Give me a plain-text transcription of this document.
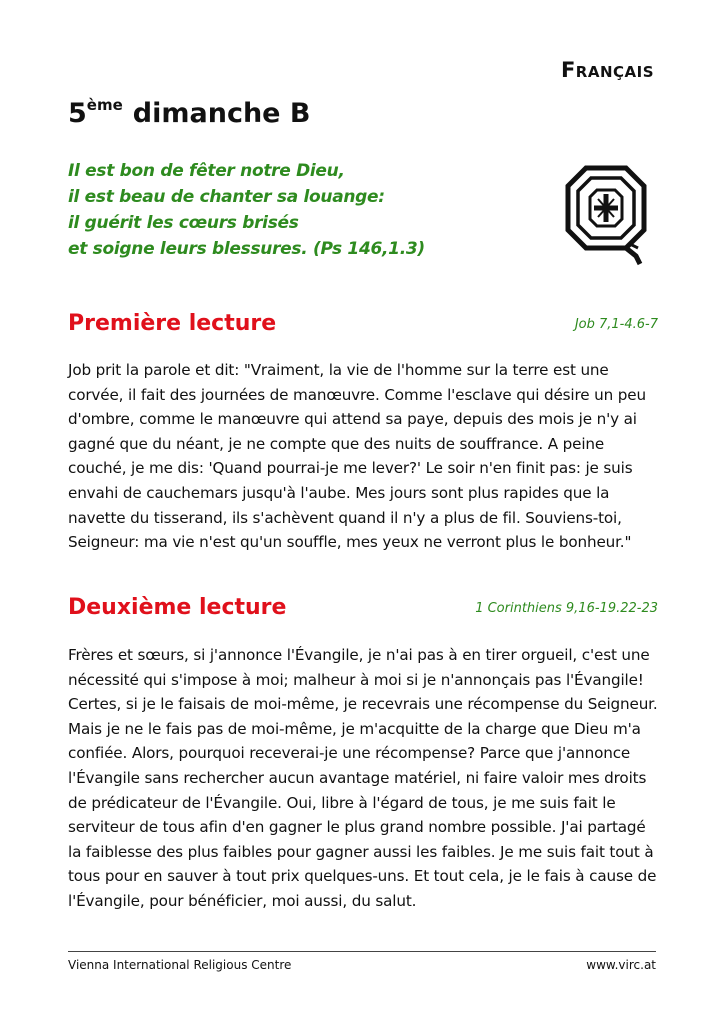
Français
5ème dimanche B
Il est bon de fêter notre Dieu,
il est beau de chanter sa louange:
il guérit les cœurs brisés
et soigne leurs blessures. (Ps 146,1.3)
Première lecture	Job 7,1-4.6-7
Job prit la parole et dit: "Vraiment, la vie de l'homme sur la terre est une corvée, il fait des journées de manœuvre. Comme l'esclave qui désire un peu d'ombre, comme le manœuvre qui attend sa paye, depuis des mois je n'y ai gagné que du néant, je ne compte que des nuits de souffrance. A peine couché, je me dis: 'Quand pourrai-je me lever?' Le soir n'en finit pas: je suis envahi de cauchemars jusqu'à l'aube. Mes jours sont plus rapides que la navette du tisserand, ils s'achèvent quand il n'y a plus de fil. Souviens-toi, Seigneur: ma vie n'est qu'un souffle, mes yeux ne verront plus le bonheur."
Deuxième lecture	1 Corinthiens 9,16-19.22-23
Frères et sœurs, si j'annonce l'Évangile, je n'ai pas à en tirer orgueil, c'est une nécessité qui s'impose à moi; malheur à moi si je n'annonçais pas l'Évangile! Certes, si je le faisais de moi-même, je recevrais une récompense du Seigneur. Mais je ne le fais pas de moi-même, je m'acquitte de la charge que Dieu m'a confiée. Alors, pourquoi receverai-je une récompense? Parce que j'annonce l'Évangile sans rechercher aucun avantage matériel, ni faire valoir mes droits de prédicateur de l'Évangile. Oui, libre à l'égard de tous, je me suis fait le serviteur de tous afin d'en gagner le plus grand nombre possible. J'ai partagé la faiblesse des plus faibles pour gagner aussi les faibles. Je me suis fait tout à tous pour en sauver à tout prix quelques-uns. Et tout cela, je le fais à cause de l'Évangile, pour bénéficier, moi aussi, du salut.
Vienna International Religious Centre	www.virc.at
